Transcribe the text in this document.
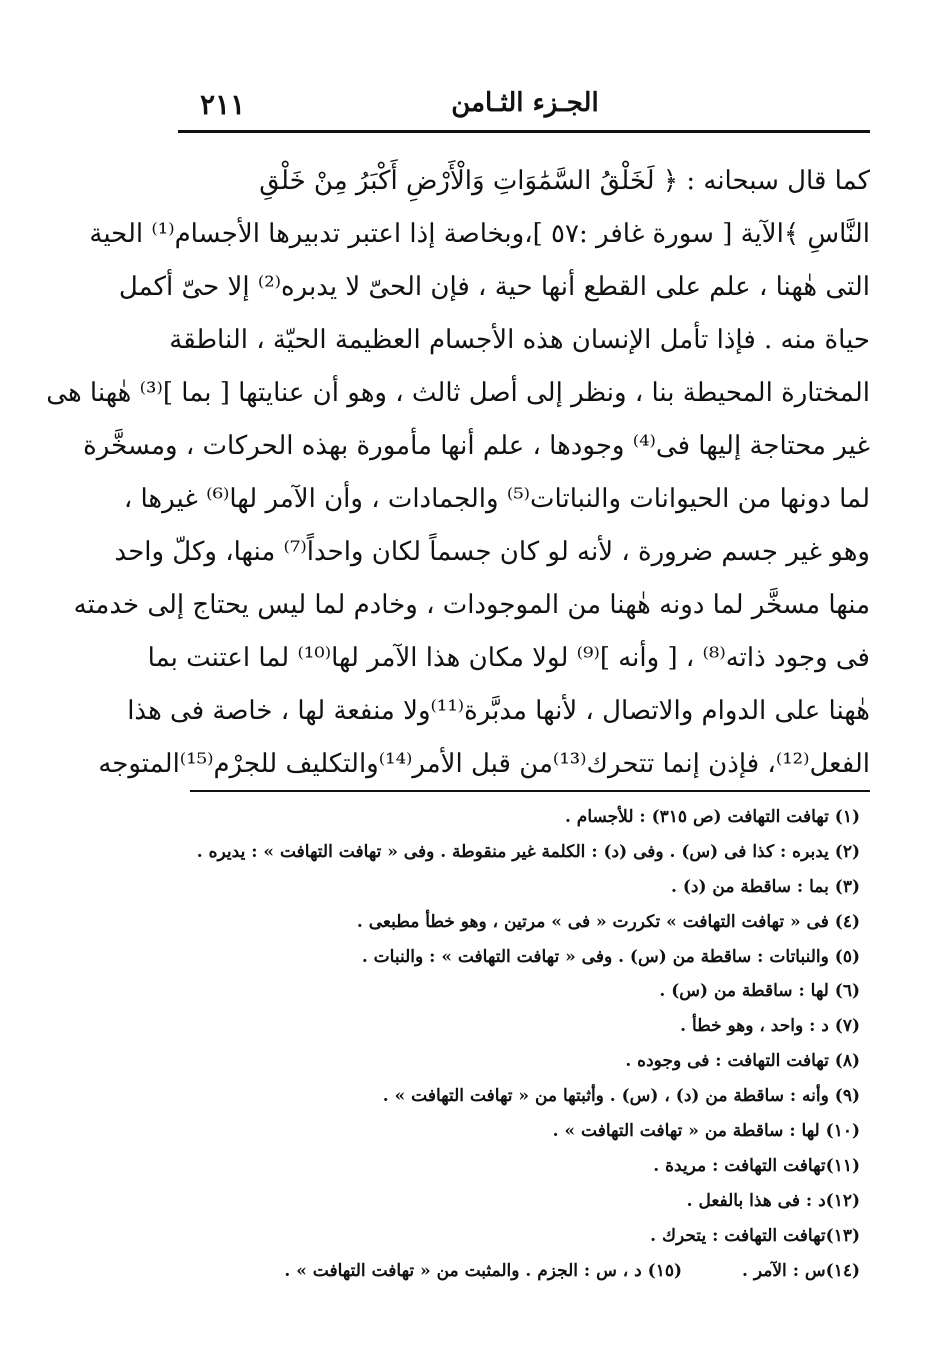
٢١١	الجـزء الثـامن
كما قال سبحانه : ﴿ لَخَلْقُ السَّمَٰوَاتِ وَالْأَرْضِ أَكْبَرُ مِنْ خَلْقِ
النَّاسِ ﴾الآية [ سورة غافر :٥٧ ]،وبخاصة إذا اعتبر تدبيرها الأجسام⁽¹⁾ الحية
التى هٰهنا ، علم على القطع أنها حية ، فإن الحىّ لا يدبره⁽²⁾ إلا حىّ أكمل
حياة منه . فإذا تأمل الإنسان هذه الأجسام العظيمة الحيّة ، الناطقة
المختارة المحيطة بنا ، ونظر إلى أصل ثالث ، وهو أن عنايتها [ بما ]⁽³⁾ هٰهنا هى
غير محتاجة إليها فى⁽⁴⁾ وجودها ، علم أنها مأمورة بهذه الحركات ، ومسخَّرة
لما دونها من الحيوانات والنباتات⁽⁵⁾ والجمادات ، وأن الآمر لها⁽⁶⁾ غيرها ،
وهو غير جسم ضرورة ، لأنه لو كان جسماً لكان واحداً⁽⁷⁾ منها، وكلّ واحد
منها مسخَّر لما دونه هٰهنا من الموجودات ، وخادم لما ليس يحتاج إلى خدمته
فى وجود ذاته⁽⁸⁾ ، [ وأنه ]⁽⁹⁾ لولا مكان هذا الآمر لها⁽¹⁰⁾ لما اعتنت بما
هٰهنا على الدوام والاتصال ، لأنها مدبَّرة⁽¹¹⁾ولا منفعة لها ، خاصة فى هذا
الفعل⁽¹²⁾، فإذن إنما تتحرك⁽¹³⁾من قبل الأمر⁽¹⁴⁾والتكليف للجرْم⁽¹⁵⁾المتوجه
(١) تهافت التهافت (ص ٣١٥) : للأجسام .
(٢) يدبره : كذا فى (س) . وفى (د) : الكلمة غير منقوطة . وفى « تهافت التهافت » : يديره .
(٣) بما : ساقطة من (د) .
(٤) فى « تهافت التهافت » تكررت « فى » مرتين ، وهو خطأ مطبعى .
(٥) والنباتات : ساقطة من (س) . وفى « تهافت التهافت » : والنبات .
(٦) لها : ساقطة من (س) .
(٧) د : واحد ، وهو خطأ .
(٨) تهافت التهافت : فى وجوده .
(٩) وأنه : ساقطة من (د) ، (س) . وأثبتها من « تهافت التهافت » .
(١٠) لها : ساقطة من « تهافت التهافت » .
(١١)تهافت التهافت : مريدة .
(١٢)د : فى هذا بالفعل .
(١٣)تهافت التهافت : يتحرك .
(١٤)س : الآمر .
(١٥) د ، س : الجزم . والمثبت من « تهافت التهافت » .
